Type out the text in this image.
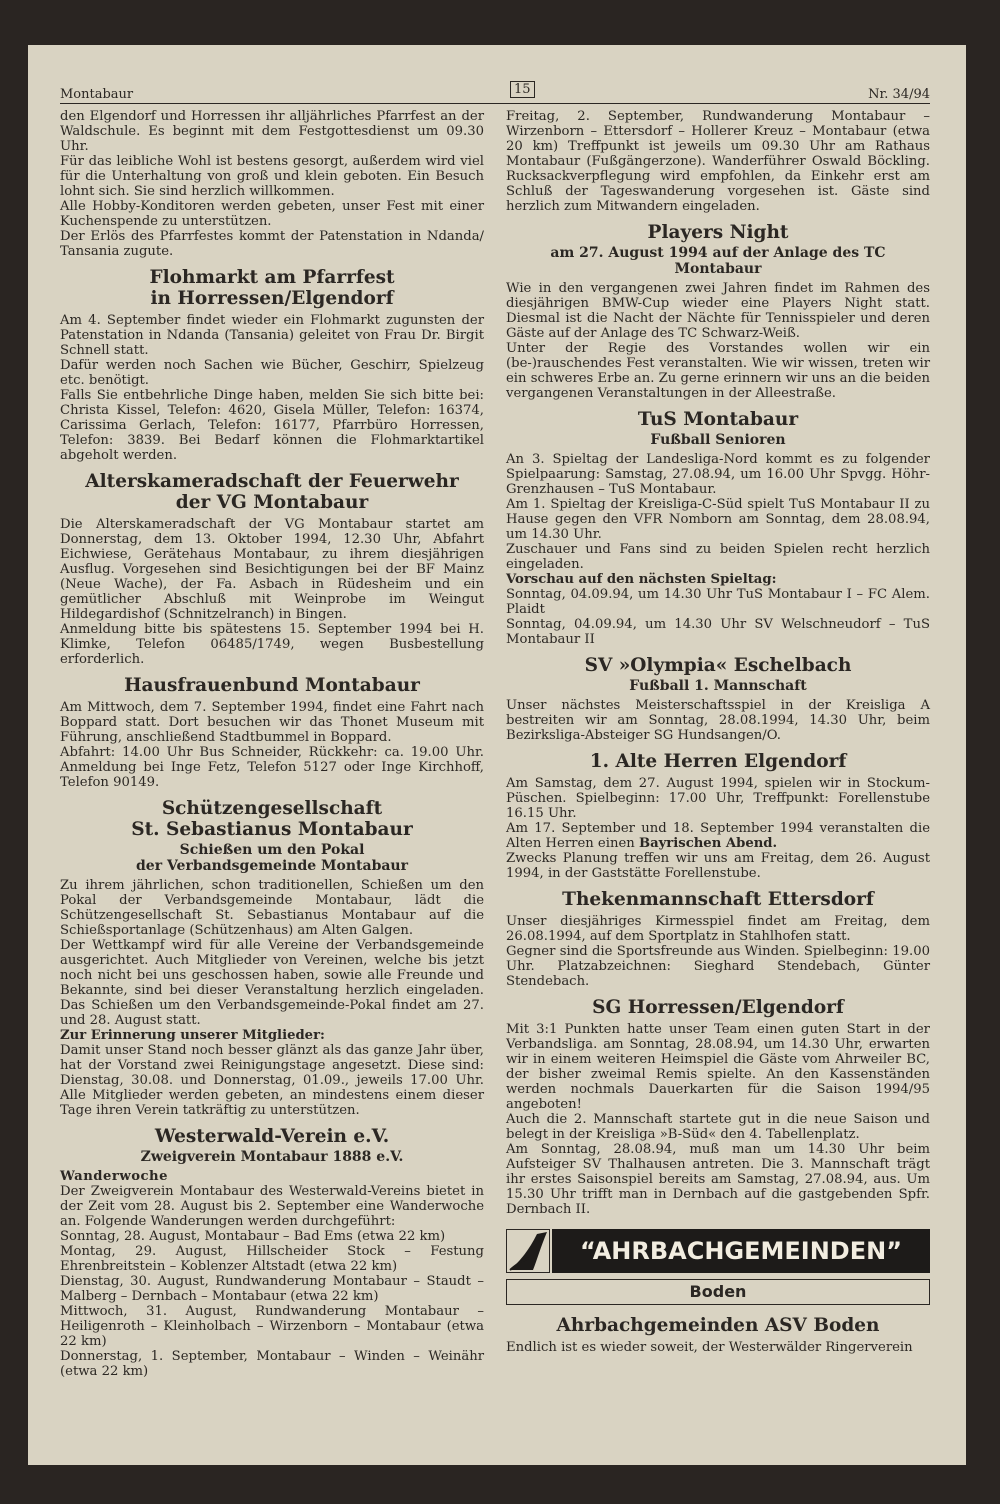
Montabaur	15	Nr. 34/94

den Elgendorf und Horressen ihr alljährliches Pfarrfest an der Waldschule. Es beginnt mit dem Festgottesdienst um 09.30 Uhr.

Für das leibliche Wohl ist bestens gesorgt, außerdem wird viel für die Unterhaltung von groß und klein geboten. Ein Besuch lohnt sich. Sie sind herzlich willkommen.

Alle Hobby-Konditoren werden gebeten, unser Fest mit einer Kuchenspende zu unterstützen.

Der Erlös des Pfarrfestes kommt der Patenstation in Ndanda/ Tansania zugute.

Flohmarkt am Pfarrfest
in Horressen/Elgendorf

Am 4. September findet wieder ein Flohmarkt zugunsten der Patenstation in Ndanda (Tansania) geleitet von Frau Dr. Birgit Schnell statt.

Dafür werden noch Sachen wie Bücher, Geschirr, Spielzeug etc. benötigt.

Falls Sie entbehrliche Dinge haben, melden Sie sich bitte bei: Christa Kissel, Telefon: 4620, Gisela Müller, Telefon: 16374, Carissima Gerlach, Telefon: 16177, Pfarrbüro Horressen, Telefon: 3839. Bei Bedarf können die Flohmarktartikel abgeholt werden.

Alterskameradschaft der Feuerwehr
der VG Montabaur

Die Alterskameradschaft der VG Montabaur startet am Donnerstag, dem 13. Oktober 1994, 12.30 Uhr, Abfahrt Eichwiese, Gerätehaus Montabaur, zu ihrem diesjährigen Ausflug. Vorgesehen sind Besichtigungen bei der BF Mainz (Neue Wache), der Fa. Asbach in Rüdesheim und ein gemütlicher Abschluß mit Weinprobe im Weingut Hildegardishof (Schnitzelranch) in Bingen.

Anmeldung bitte bis spätestens 15. September 1994 bei H. Klimke, Telefon 06485/1749, wegen Busbestellung erforderlich.

Hausfrauenbund Montabaur

Am Mittwoch, dem 7. September 1994, findet eine Fahrt nach Boppard statt. Dort besuchen wir das Thonet Museum mit Führung, anschließend Stadtbummel in Boppard.

Abfahrt: 14.00 Uhr Bus Schneider, Rückkehr: ca. 19.00 Uhr. Anmeldung bei Inge Fetz, Telefon 5127 oder Inge Kirchhoff, Telefon 90149.

Schützengesellschaft
St. Sebastianus Montabaur
Schießen um den Pokal
der Verbandsgemeinde Montabaur

Zu ihrem jährlichen, schon traditionellen, Schießen um den Pokal der Verbandsgemeinde Montabaur, lädt die Schützengesellschaft St. Sebastianus Montabaur auf die Schießsportanlage (Schützenhaus) am Alten Galgen.

Der Wettkampf wird für alle Vereine der Verbandsgemeinde ausgerichtet. Auch Mitglieder von Vereinen, welche bis jetzt noch nicht bei uns geschossen haben, sowie alle Freunde und Bekannte, sind bei dieser Veranstaltung herzlich eingeladen. Das Schießen um den Verbandsgemeinde-Pokal findet am 27. und 28. August statt.

Zur Erinnerung unserer Mitglieder:

Damit unser Stand noch besser glänzt als das ganze Jahr über, hat der Vorstand zwei Reinigungstage angesetzt. Diese sind: Dienstag, 30.08. und Donnerstag, 01.09., jeweils 17.00 Uhr. Alle Mitglieder werden gebeten, an mindestens einem dieser Tage ihren Verein tatkräftig zu unterstützen.

Westerwald-Verein e.V.
Zweigverein Montabaur 1888 e.V.

Wanderwoche

Der Zweigverein Montabaur des Westerwald-Vereins bietet in der Zeit vom 28. August bis 2. September eine Wanderwoche an. Folgende Wanderungen werden durchgeführt:

Sonntag, 28. August, Montabaur – Bad Ems (etwa 22 km)

Montag, 29. August, Hillscheider Stock – Festung Ehrenbreitstein – Koblenzer Altstadt (etwa 22 km)

Dienstag, 30. August, Rundwanderung Montabaur – Staudt – Malberg – Dernbach – Montabaur (etwa 22 km)

Mittwoch, 31. August, Rundwanderung Montabaur – Heiligenroth – Kleinholbach – Wirzenborn – Montabaur (etwa 22 km)

Donnerstag, 1. September, Montabaur – Winden – Weinähr (etwa 22 km)

Freitag, 2. September, Rundwanderung Montabaur – Wirzenborn – Ettersdorf – Hollerer Kreuz – Montabaur (etwa 20 km) Treffpunkt ist jeweils um 09.30 Uhr am Rathaus Montabaur (Fußgängerzone). Wanderführer Oswald Böckling. Rucksackverpflegung wird empfohlen, da Einkehr erst am Schluß der Tageswanderung vorgesehen ist. Gäste sind herzlich zum Mitwandern eingeladen.

Players Night
am 27. August 1994 auf der Anlage des TC Montabaur

Wie in den vergangenen zwei Jahren findet im Rahmen des diesjährigen BMW-Cup wieder eine Players Night statt. Diesmal ist die Nacht der Nächte für Tennisspieler und deren Gäste auf der Anlage des TC Schwarz-Weiß.

Unter der Regie des Vorstandes wollen wir ein (be-)rauschendes Fest veranstalten. Wie wir wissen, treten wir ein schweres Erbe an. Zu gerne erinnern wir uns an die beiden vergangenen Veranstaltungen in der Alleestraße.

TuS Montabaur
Fußball Senioren

An 3. Spieltag der Landesliga-Nord kommt es zu folgender Spielpaarung: Samstag, 27.08.94, um 16.00 Uhr Spvgg. Höhr-Grenzhausen – TuS Montabaur.

Am 1. Spieltag der Kreisliga-C-Süd spielt TuS Montabaur II zu Hause gegen den VFR Nomborn am Sonntag, dem 28.08.94, um 14.30 Uhr.

Zuschauer und Fans sind zu beiden Spielen recht herzlich eingeladen.

Vorschau auf den nächsten Spieltag:

Sonntag, 04.09.94, um 14.30 Uhr TuS Montabaur I – FC Alem. Plaidt

Sonntag, 04.09.94, um 14.30 Uhr SV Welschneudorf – TuS Montabaur II

SV »Olympia« Eschelbach
Fußball 1. Mannschaft

Unser nächstes Meisterschaftsspiel in der Kreisliga A bestreiten wir am Sonntag, 28.08.1994, 14.30 Uhr, beim Bezirksliga-Absteiger SG Hundsangen/O.

1. Alte Herren Elgendorf

Am Samstag, dem 27. August 1994, spielen wir in Stockum-Püschen. Spielbeginn: 17.00 Uhr, Treffpunkt: Forellenstube 16.15 Uhr.

Am 17. September und 18. September 1994 veranstalten die Alten Herren einen Bayrischen Abend.

Zwecks Planung treffen wir uns am Freitag, dem 26. August 1994, in der Gaststätte Forellenstube.

Thekenmannschaft Ettersdorf

Unser diesjähriges Kirmesspiel findet am Freitag, dem 26.08.1994, auf dem Sportplatz in Stahlhofen statt.

Gegner sind die Sportsfreunde aus Winden. Spielbeginn: 19.00 Uhr. Platzabzeichnen: Sieghard Stendebach, Günter Stendebach.

SG Horressen/Elgendorf

Mit 3:1 Punkten hatte unser Team einen guten Start in der Verbandsliga. am Sonntag, 28.08.94, um 14.30 Uhr, erwarten wir in einem weiteren Heimspiel die Gäste vom Ahrweiler BC, der bisher zweimal Remis spielte. An den Kassenständen werden nochmals Dauerkarten für die Saison 1994/95 angeboten!

Auch die 2. Mannschaft startete gut in die neue Saison und belegt in der Kreisliga »B-Süd« den 4. Tabellenplatz.

Am Sonntag, 28.08.94, muß man um 14.30 Uhr beim Aufsteiger SV Thalhausen antreten. Die 3. Mannschaft trägt ihr erstes Saisonspiel bereits am Samstag, 27.08.94, aus. Um 15.30 Uhr trifft man in Dernbach auf die gastgebenden Spfr. Dernbach II.

“AHRBACHGEMEINDEN”
Boden
Ahrbachgemeinden ASV Boden

Endlich ist es wieder soweit, der Westerwälder Ringerverein
